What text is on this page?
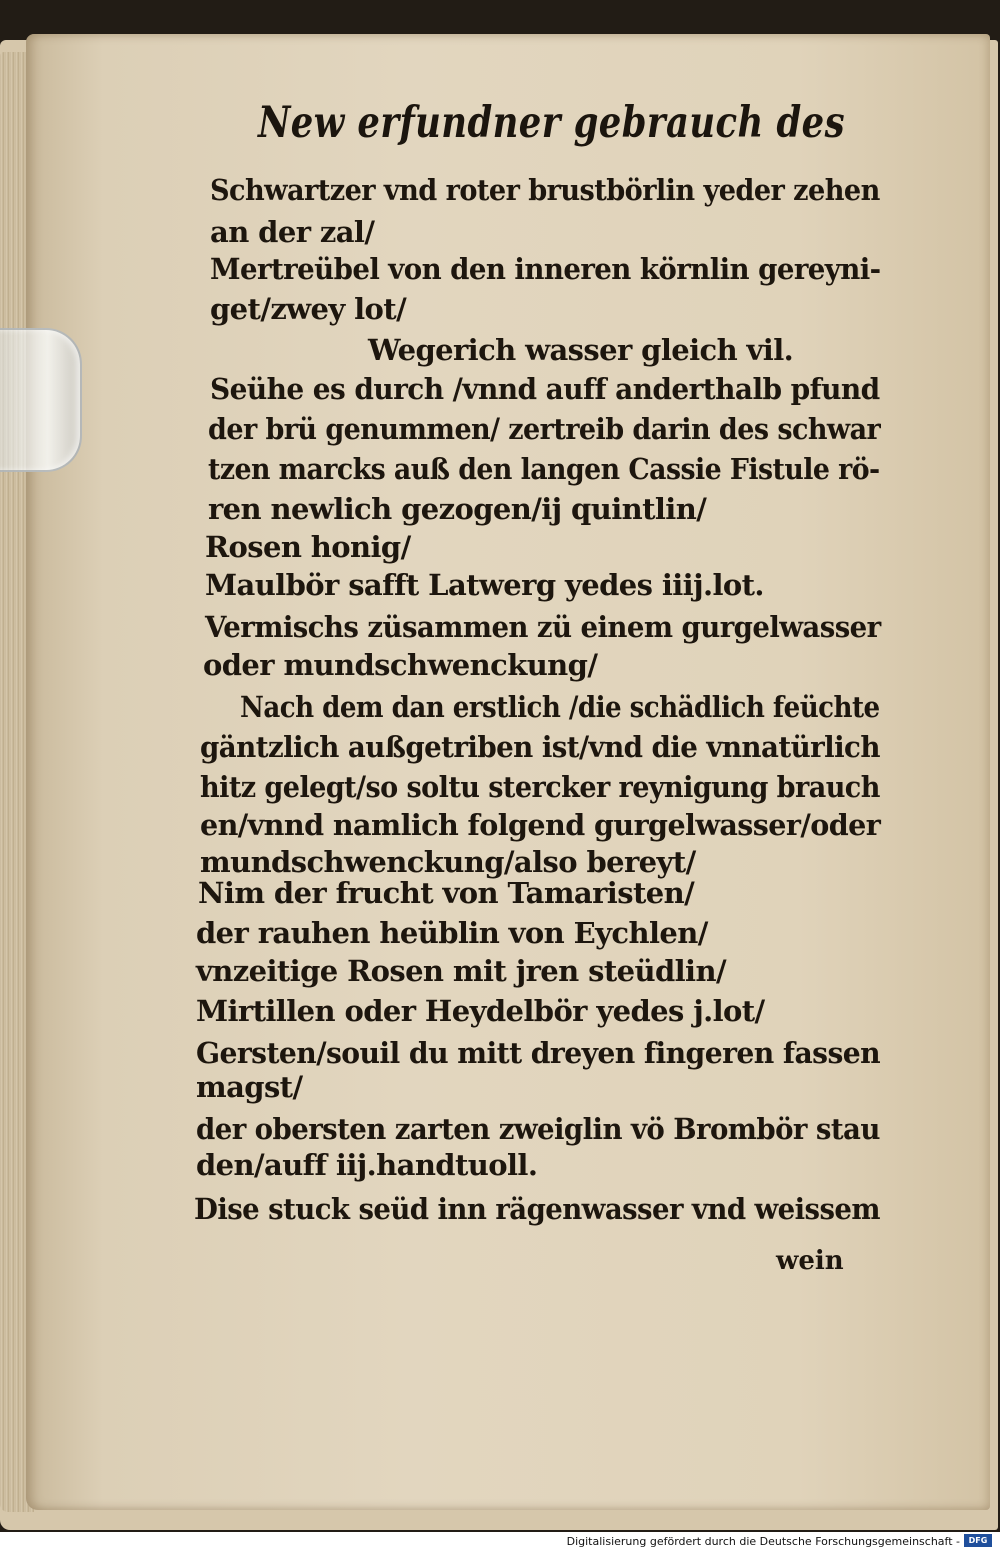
New erfundner gebrauch des
Schwartzer vnd roter brustbörlin yeder zehen
an der zal/
Mertreübel von den inneren körnlin gereyni-
get/zwey lot/
Wegerich wasser gleich vil.
Seühe es durch /vnnd auff anderthalb pfund
der brü genummen/ zertreib darin des schwar
tzen marcks auß den langen Cassie Fistule rö-
ren newlich gezogen/ij quintlin/
Rosen honig/
Maulbör safft Latwerg yedes iiij.lot.
Vermischs züsammen zü einem gurgelwasser
oder mundschwenckung/
Nach dem dan erstlich /die schädlich feüchte
gäntzlich außgetriben ist/vnd die vnnatürlich
hitz gelegt/so soltu stercker reynigung brauch
en/vnnd namlich folgend gurgelwasser/oder
mundschwenckung/also bereyt/
Nim der frucht von Tamaristen/
der rauhen heüblin von Eychlen/
vnzeitige Rosen mit jren steüdlin/
Mirtillen oder Heydelbör yedes j.lot/
Gersten/souil du mitt dreyen fingeren fassen
magst/
der obersten zarten zweiglin vö Brombör stau
den/auff iij.handtuoll.
Dise stuck seüd inn rägenwasser vnd weissem
wein
Digitalisierung gefördert durch die Deutsche Forschungsgemeinschaft -	DFG
